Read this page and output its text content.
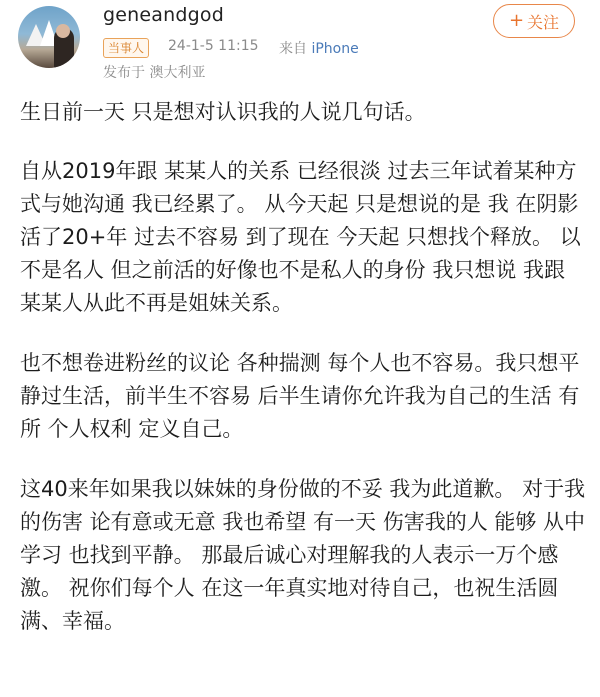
geneandgod
当事人	24-1-5 11:15 来自 iPhone
发布于 澳大利亚
+ 关注

生日前一天 只是想对认识我的人说几句话。

自从2019年跟 某某人的关系 已经很淡 过去三年试着某种方式与她沟通 我已经累了。 从今天起 只是想说的是 我 在阴影活了20+年 过去不容易 到了现在 今天起 只想找个释放。 以 不是名人 但之前活的好像也不是私人的身份 我只想说 我跟 某某人从此不再是姐妹关系。

也不想卷进粉丝的议论 各种揣测 每个人也不容易。我只想平静过生活，前半生不容易 后半生请你允许我为自己的生活 有所 个人权利 定义自己。

这40来年如果我以妹妹的身份做的不妥 我为此道歉。 对于我的伤害 论有意或无意 我也希望 有一天 伤害我的人 能够 从中学习 也找到平静。 那最后诚心对理解我的人表示一万个感激。 祝你们每个人 在这一年真实地对待自己，也祝生活圆满、幸福。
